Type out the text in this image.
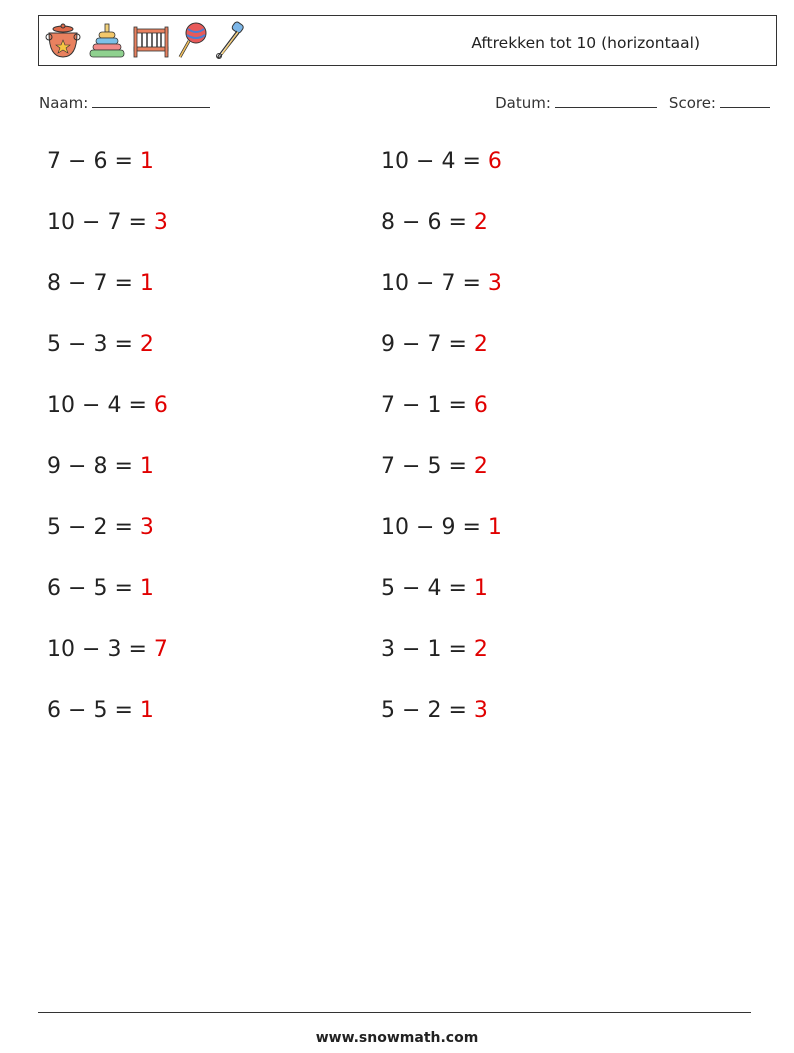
Aftrekken tot 10 (horizontaal)
Naam:	Datum:	Score:
7 − 6 = 1	10 − 4 = 6
10 − 7 = 3	8 − 6 = 2
8 − 7 = 1	10 − 7 = 3
5 − 3 = 2	9 − 7 = 2
10 − 4 = 6	7 − 1 = 6
9 − 8 = 1	7 − 5 = 2
5 − 2 = 3	10 − 9 = 1
6 − 5 = 1	5 − 4 = 1
10 − 3 = 7	3 − 1 = 2
6 − 5 = 1	5 − 2 = 3
www.snowmath.com
